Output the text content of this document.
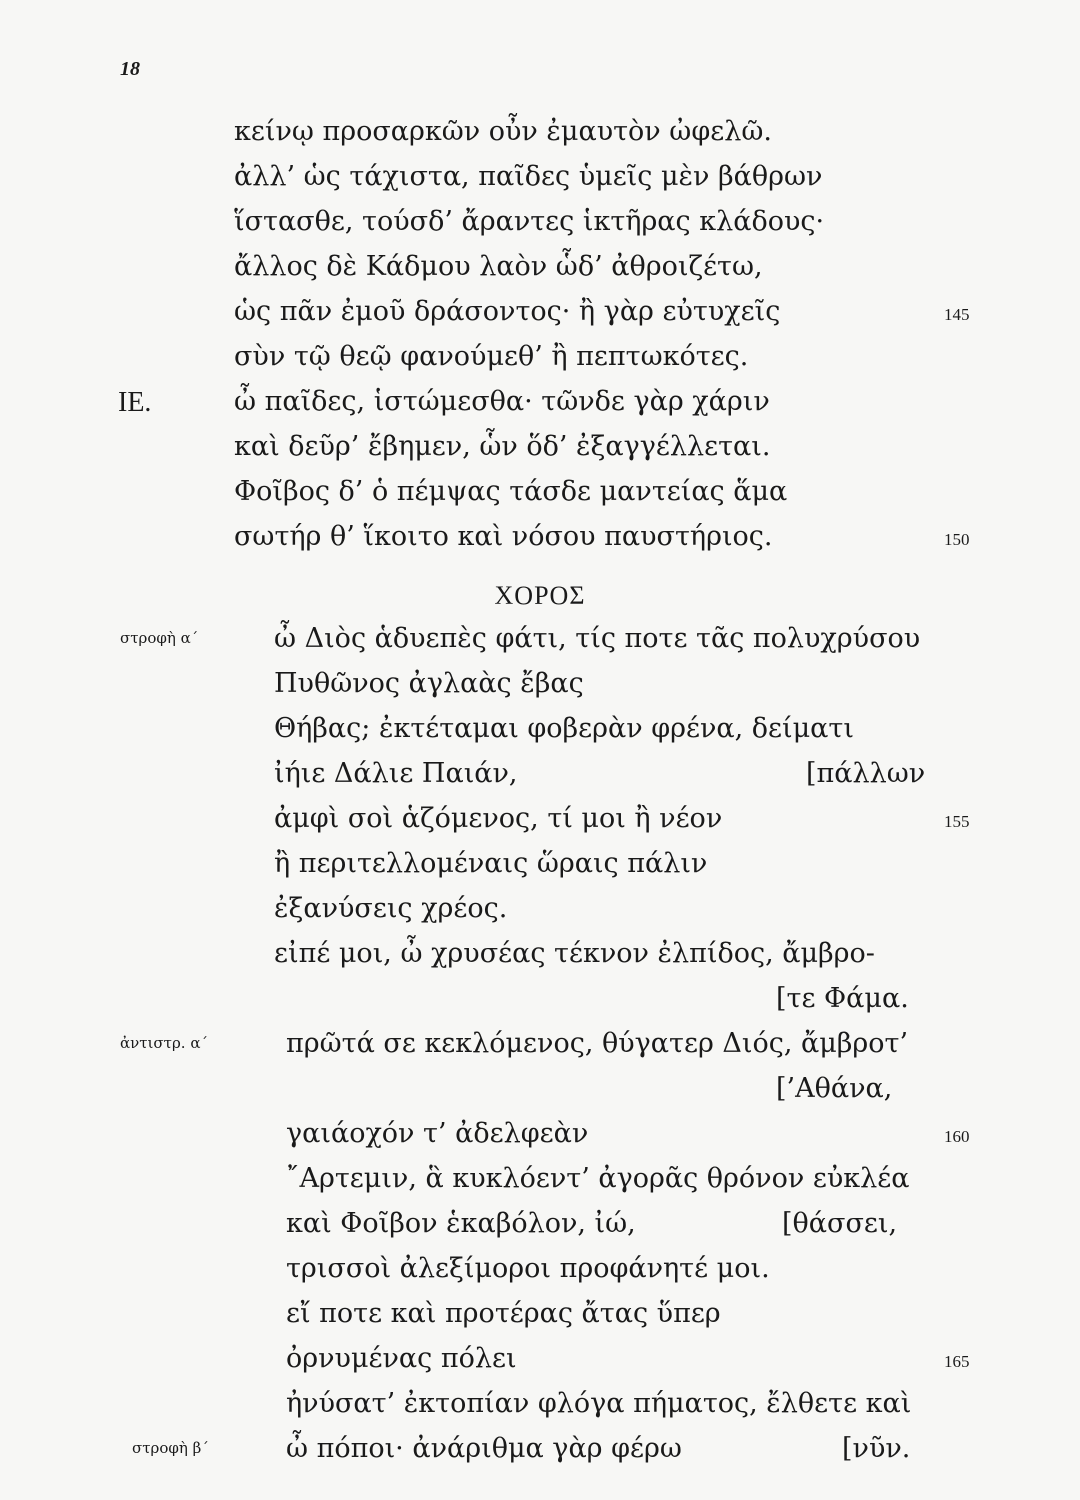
18
κείνῳ προσαρκῶν οὖν ἐμαυτὸν ὠφελῶ.
ἀλλ’ ὡς τάχιστα, παῖδες ὑμεῖς μὲν βάθρων
ἵστασθε, τούσδ’ ἄραντες ἱκτῆρας κλάδους·
ἄλλος δὲ Κάδμου λαὸν ὧδ’ ἀθροιζέτω,
ὡς πᾶν ἐμοῦ δράσοντος· ἢ γὰρ εὐτυχεῖς
σὺν τῷ θεῷ φανούμεθ’ ἢ πεπτωκότες.
IE.	ὦ παῖδες, ἱστώμεσθα· τῶνδε γὰρ χάριν
καὶ δεῦρ’ ἔβημεν, ὧν ὅδ’ ἐξαγγέλλεται.
Φοῖβος δ’ ὁ πέμψας τάσδε μαντείας ἅμα
σωτήρ θ’ ἵκοιτο καὶ νόσου παυστήριος.
145
150
ΧΟΡΟΣ
στροφὴ α΄	ὦ Διὸς ἁδυεπὲς φάτι, τίς ποτε τᾶς πολυχρύσου
Πυθῶνος ἀγλαὰς ἔβας
Θήβας; ἐκτέταμαι φοβερὰν φρένα, δείματι
ἰήιε Δάλιε Παιάν,	[πάλλων
ἀμφὶ σοὶ ἁζόμενος, τί μοι ἢ νέον
ἢ περιτελλομέναις ὥραις πάλιν
ἐξανύσεις χρέος.
εἰπέ μοι, ὦ χρυσέας τέκνον ἐλπίδος, ἄμβρο-
[τε Φάμα.
155
ἀντιστρ. α΄	πρῶτά σε κεκλόμενος, θύγατερ Διός, ἄμβροτ’
[’Αθάνα,
γαιάοχόν τ’ ἀδελφεὰν
῎Αρτεμιν, ἃ κυκλόεντ’ ἀγορᾶς θρόνον εὐκλέα
καὶ Φοῖβον ἑκαβόλον, ἰώ,	[θάσσει,
τρισσοὶ ἀλεξίμοροι προφάνητέ μοι.
εἴ ποτε καὶ προτέρας ἄτας ὕπερ
ὀρνυμένας πόλει
ἠνύσατ’ ἐκτοπίαν φλόγα πήματος, ἔλθετε καὶ
160
165
στροφὴ β΄	ὦ πόποι· ἀνάριθμα γὰρ φέρω	[νῦν.
